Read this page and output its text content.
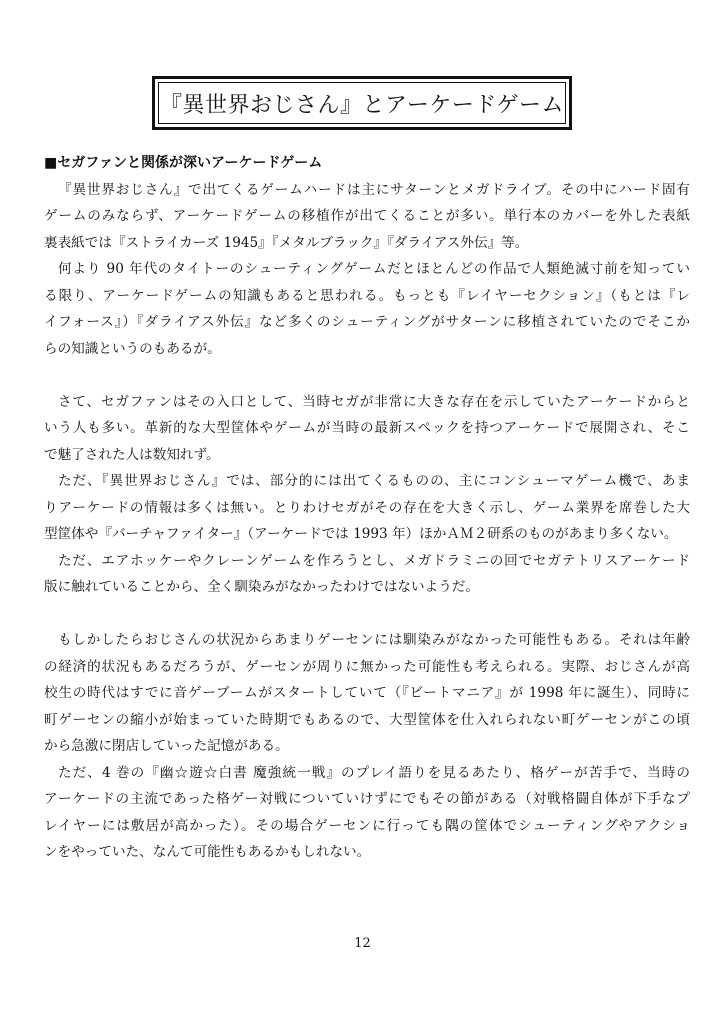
『異世界おじさん』とアーケードゲーム

■セガファンと関係が深いアーケードゲーム

『異世界おじさん』で出てくるゲームハードは主にサターンとメガドライブ。その中にハード固有

ゲームのみならず、アーケードゲームの移植作が出てくることが多い。単行本のカバーを外した表紙

裏表紙では『ストライカーズ 1945』『メタルブラック』『ダライアス外伝』等。

何より 90 年代のタイトーのシューティングゲームだとほとんどの作品で人類絶滅寸前を知ってい

る限り、アーケードゲームの知識もあると思われる。もっとも『レイヤーセクション』（もとは『レ

イフォース』）『ダライアス外伝』など多くのシューティングがサターンに移植されていたのでそこか

らの知識というのもあるが。

さて、セガファンはその入口として、当時セガが非常に大きな存在を示していたアーケードからと

いう人も多い。革新的な大型筐体やゲームが当時の最新スペックを持つアーケードで展開され、そこ

で魅了された人は数知れず。

ただ、『異世界おじさん』では、部分的には出てくるものの、主にコンシューマゲーム機で、あま

りアーケードの情報は多くは無い。とりわけセガがその存在を大きく示し、ゲーム業界を席巻した大

型筐体や『バーチャファイター』（アーケードでは 1993 年）ほかＡＭ２研系のものがあまり多くない。

ただ、エアホッケーやクレーンゲームを作ろうとし、メガドラミニの回でセガテトリスアーケード

版に触れていることから、全く馴染みがなかったわけではないようだ。

もしかしたらおじさんの状況からあまりゲーセンには馴染みがなかった可能性もある。それは年齢

の経済的状況もあるだろうが、ゲーセンが周りに無かった可能性も考えられる。実際、おじさんが高

校生の時代はすでに音ゲーブームがスタートしていて（『ビートマニア』が 1998 年に誕生）、同時に

町ゲーセンの縮小が始まっていた時期でもあるので、大型筐体を仕入れられない町ゲーセンがこの頃

から急激に閉店していった記憶がある。

ただ、4 巻の『幽☆遊☆白書 魔強統一戦』のプレイ語りを見るあたり、格ゲーが苦手で、当時の

アーケードの主流であった格ゲー対戦についていけずにでもその節がある（対戦格闘自体が下手なプ

レイヤーには敷居が高かった）。その場合ゲーセンに行っても隅の筐体でシューティングやアクショ

ンをやっていた、なんて可能性もあるかもしれない。

12
